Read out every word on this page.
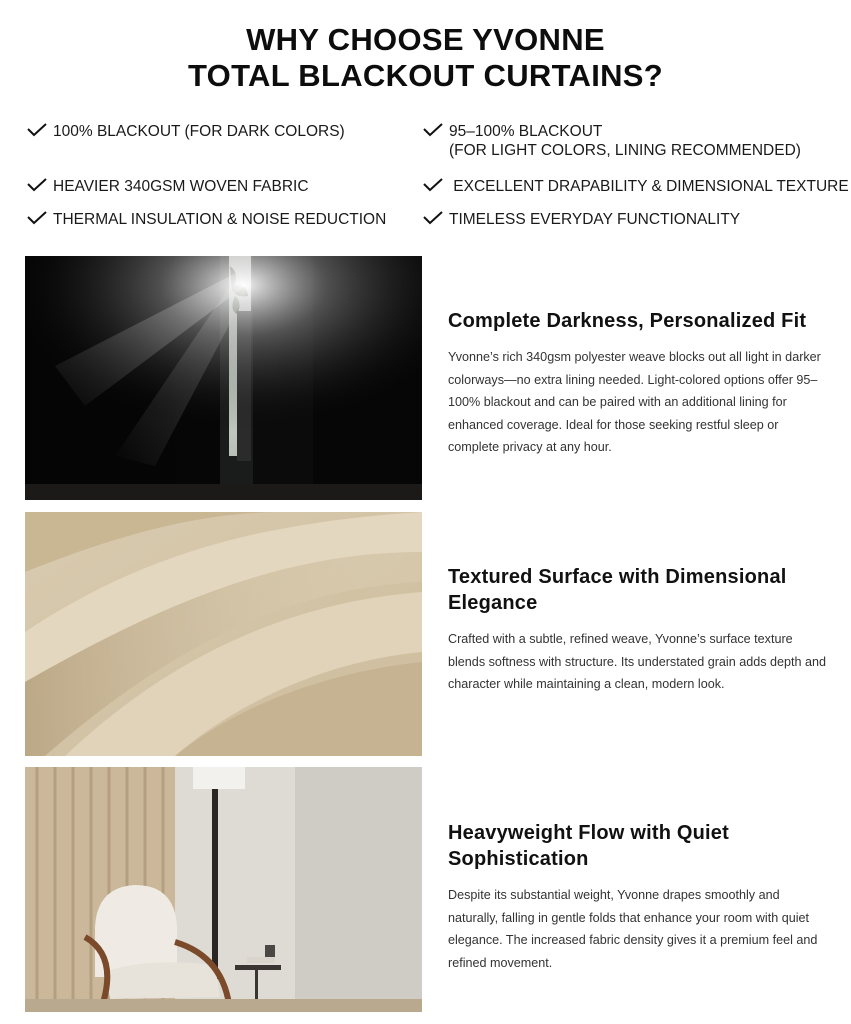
WHY CHOOSE YVONNE
TOTAL BLACKOUT CURTAINS?
100% BLACKOUT (FOR DARK COLORS)	95–100% BLACKOUT
(FOR LIGHT COLORS, LINING RECOMMENDED)
HEAVIER 340GSM WOVEN FABRIC	EXCELLENT DRAPABILITY & DIMENSIONAL TEXTURE
THERMAL INSULATION & NOISE REDUCTION	TIMELESS EVERYDAY FUNCTIONALITY
Complete Darkness, Personalized Fit

Yvonne’s rich 340gsm polyester weave blocks out all light in darker colorways—no extra lining needed. Light-colored options offer 95–100% blackout and can be paired with an additional lining for enhanced coverage. Ideal for those seeking restful sleep or complete privacy at any hour.

Textured Surface with Dimensional Elegance

Crafted with a subtle, refined weave, Yvonne’s surface texture blends softness with structure. Its understated grain adds depth and character while maintaining a clean, modern look.

Heavyweight Flow with Quiet Sophistication

Despite its substantial weight, Yvonne drapes smoothly and naturally, falling in gentle folds that enhance your room with quiet elegance. The increased fabric density gives it a premium feel and refined movement.
